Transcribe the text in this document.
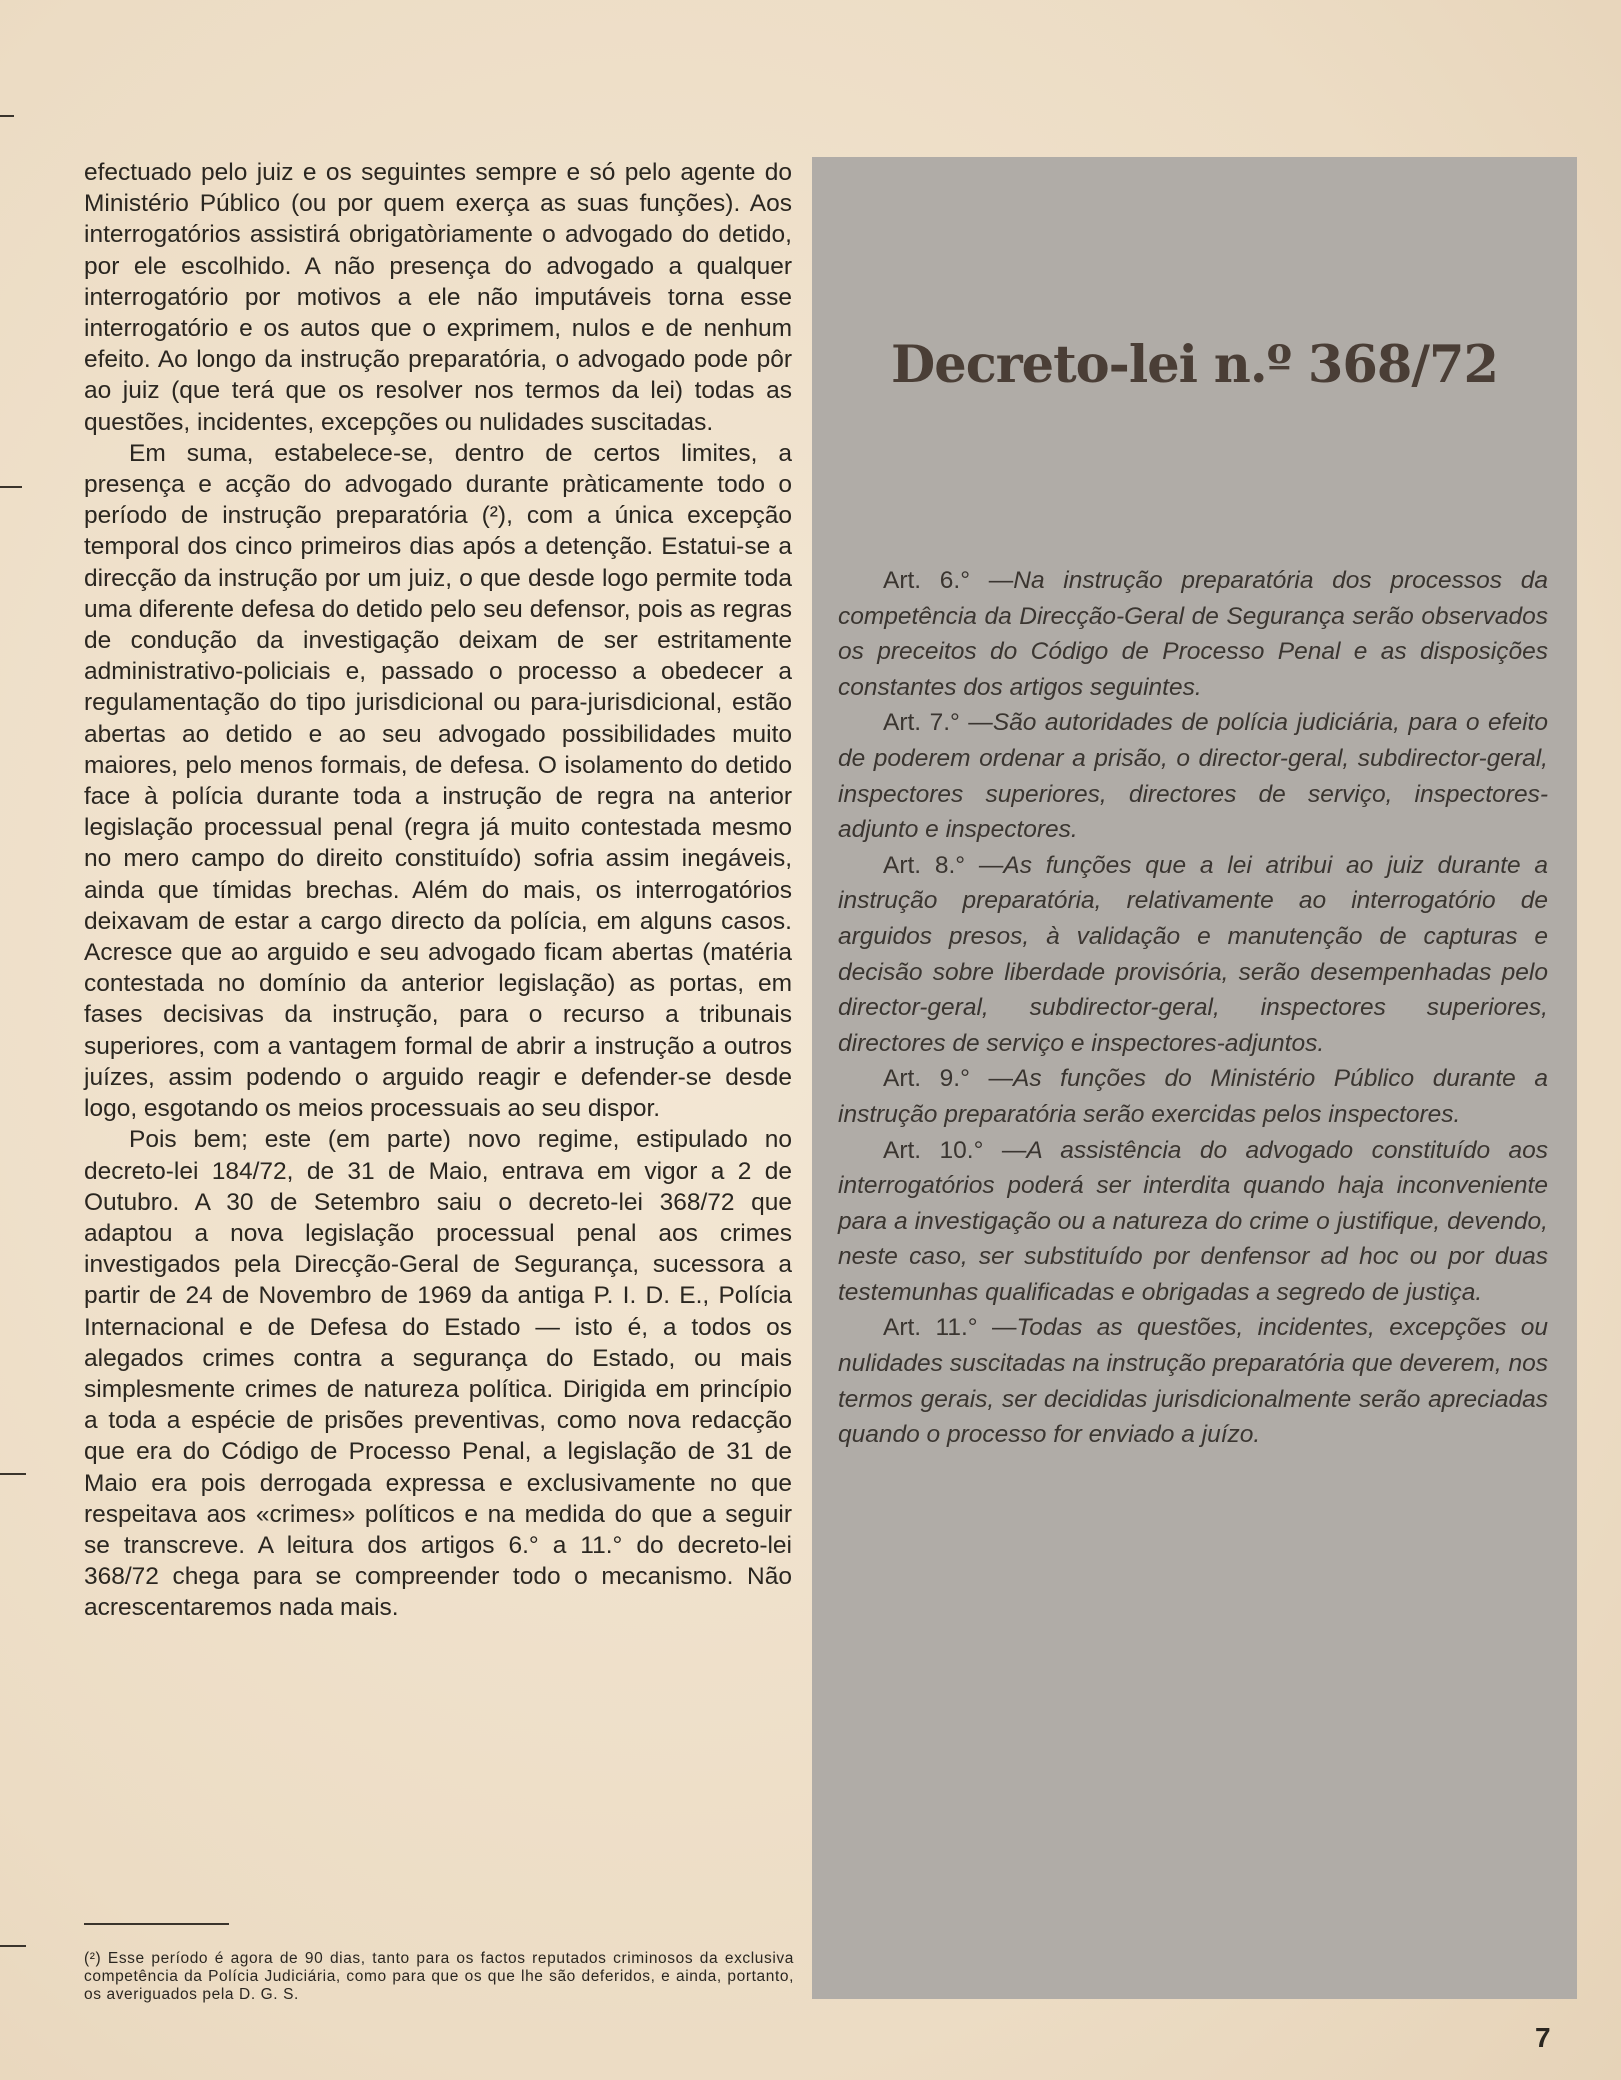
efectuado pelo juiz e os seguintes sempre e só pelo agente do Ministério Público (ou por quem exerça as suas funções). Aos interrogatórios assistirá obrigatòriamente o advogado do detido, por ele escolhido. A não presença do advogado a qualquer interrogatório por motivos a ele não imputáveis torna esse interrogatório e os autos que o exprimem, nulos e de nenhum efeito. Ao longo da instrução preparatória, o advogado pode pôr ao juiz (que terá que os resolver nos termos da lei) todas as questões, incidentes, excepções ou nulidades suscitadas.

Em suma, estabelece-se, dentro de certos limites, a presença e acção do advogado durante pràticamente todo o período de instrução preparatória (²), com a única excepção temporal dos cinco primeiros dias após a detenção. Estatui-se a direcção da instrução por um juiz, o que desde logo permite toda uma diferente defesa do detido pelo seu defensor, pois as regras de condução da investigação deixam de ser estritamente administrativo-policiais e, passado o processo a obedecer a regulamentação do tipo jurisdicional ou para-jurisdicional, estão abertas ao detido e ao seu advogado possibilidades muito maiores, pelo menos formais, de defesa. O isolamento do detido face à polícia durante toda a instrução de regra na anterior legislação processual penal (regra já muito contestada mesmo no mero campo do direito constituído) sofria assim inegáveis, ainda que tímidas brechas. Além do mais, os interrogatórios deixavam de estar a cargo directo da polícia, em alguns casos. Acresce que ao arguido e seu advogado ficam abertas (matéria contestada no domínio da anterior legislação) as portas, em fases decisivas da instrução, para o recurso a tribunais superiores, com a vantagem formal de abrir a instrução a outros juízes, assim podendo o arguido reagir e defender-se desde logo, esgotando os meios processuais ao seu dispor.

Pois bem; este (em parte) novo regime, estipulado no decreto-lei 184/72, de 31 de Maio, entrava em vigor a 2 de Outubro. A 30 de Setembro saiu o decreto-lei 368/72 que adaptou a nova legislação processual penal aos crimes investigados pela Direcção-Geral de Segurança, sucessora a partir de 24 de Novembro de 1969 da antiga P. I. D. E., Polícia Internacional e de Defesa do Estado — isto é, a todos os alegados crimes contra a segurança do Estado, ou mais simplesmente crimes de natureza política. Dirigida em princípio a toda a espécie de prisões preventivas, como nova redacção que era do Código de Processo Penal, a legislação de 31 de Maio era pois derrogada expressa e exclusivamente no que respeitava aos «crimes» políticos e na medida do que a seguir se transcreve. A leitura dos artigos 6.° a 11.° do decreto-lei 368/72 chega para se compreender todo o mecanismo. Não acrescentaremos nada mais.

(²) Esse período é agora de 90 dias, tanto para os factos reputados criminosos da exclusiva competência da Polícia Judiciária, como para que os que lhe são deferidos, e ainda, portanto, os averiguados pela D. G. S.
Decreto-lei n.º 368/72

Art. 6.° —Na instrução preparatória dos processos da competência da Direcção-Geral de Segurança serão observados os preceitos do Código de Processo Penal e as disposições constantes dos artigos seguintes.

Art. 7.° —São autoridades de polícia judiciária, para o efeito de poderem ordenar a prisão, o director-geral, subdirector-geral, inspectores superiores, directores de serviço, inspectores-adjunto e inspectores.

Art. 8.° —As funções que a lei atribui ao juiz durante a instrução preparatória, relativamente ao interrogatório de arguidos presos, à validação e manutenção de capturas e decisão sobre liberdade provisória, serão desempenhadas pelo director-geral, subdirector-geral, inspectores superiores, directores de serviço e inspectores-adjuntos.

Art. 9.° —As funções do Ministério Público durante a instrução preparatória serão exercidas pelos inspectores.

Art. 10.° —A assistência do advogado constituído aos interrogatórios poderá ser interdita quando haja inconveniente para a investigação ou a natureza do crime o justifique, devendo, neste caso, ser substituído por denfensor ad hoc ou por duas testemunhas qualificadas e obrigadas a segredo de justiça.

Art. 11.° —Todas as questões, incidentes, excepções ou nulidades suscitadas na instrução preparatória que deverem, nos termos gerais, ser decididas jurisdicionalmente serão apreciadas quando o processo for enviado a juízo.

7
